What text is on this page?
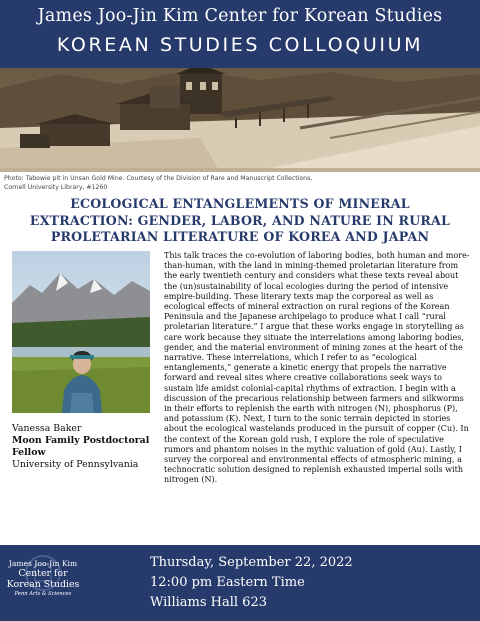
James Joo-Jin Kim Center for Korean Studies
KOREAN STUDIES COLLOQUIUM
Photo: Tabowie pit in Unsan Gold Mine. Courtesy of the Division of Rare and Manuscript Collections,
Cornell University Library, #1260
ECOLOGICAL ENTANGLEMENTS OF MINERAL
EXTRACTION: GENDER, LABOR, AND NATURE IN RURAL
PROLETARIAN LITERATURE OF KOREA AND JAPAN
Vanessa Baker
Moon Family Postdoctoral Fellow
University of Pennsylvania
This talk traces the co-evolution of laboring bodies, both human and more-than-human, with the land in mining-themed proletarian literature from the early twentieth century and considers what these texts reveal about the (un)sustainability of local ecologies during the period of intensive empire-building. These literary texts map the corporeal as well as ecological effects of mineral extraction on rural regions of the Korean Peninsula and the Japanese archipelago to produce what I call “rural proletarian literature.” I argue that these works engage in storytelling as care work because they situate the interrelations among laboring bodies, gender, and the material environment of mining zones at the heart of the narrative. These interrelations, which I refer to as “ecological entanglements,” generate a kinetic energy that propels the narrative forward and reveal sites where creative collaborations seek ways to sustain life amidst colonial-capital rhythms of extraction. I begin with a discussion of the precarious relationship between farmers and silkworms in their efforts to replenish the earth with nitrogen (N), phosphorus (P), and potassium (K). Next, I turn to the sonic terrain depicted in stories about the ecological wastelands produced in the pursuit of copper (Cu). In the context of the Korean gold rush, I explore the role of speculative rumors and phantom noises in the mythic valuation of gold (Au). Lastly, I survey the corporeal and environmental effects of atmospheric mining, a technocratic solution designed to replenish exhausted imperial soils with nitrogen (N).
James Joo-Jin Kim
Center for
Korean Studies
Penn Arts & Sciences
Thursday, September 22, 2022
12:00 pm Eastern Time
Williams Hall 623
